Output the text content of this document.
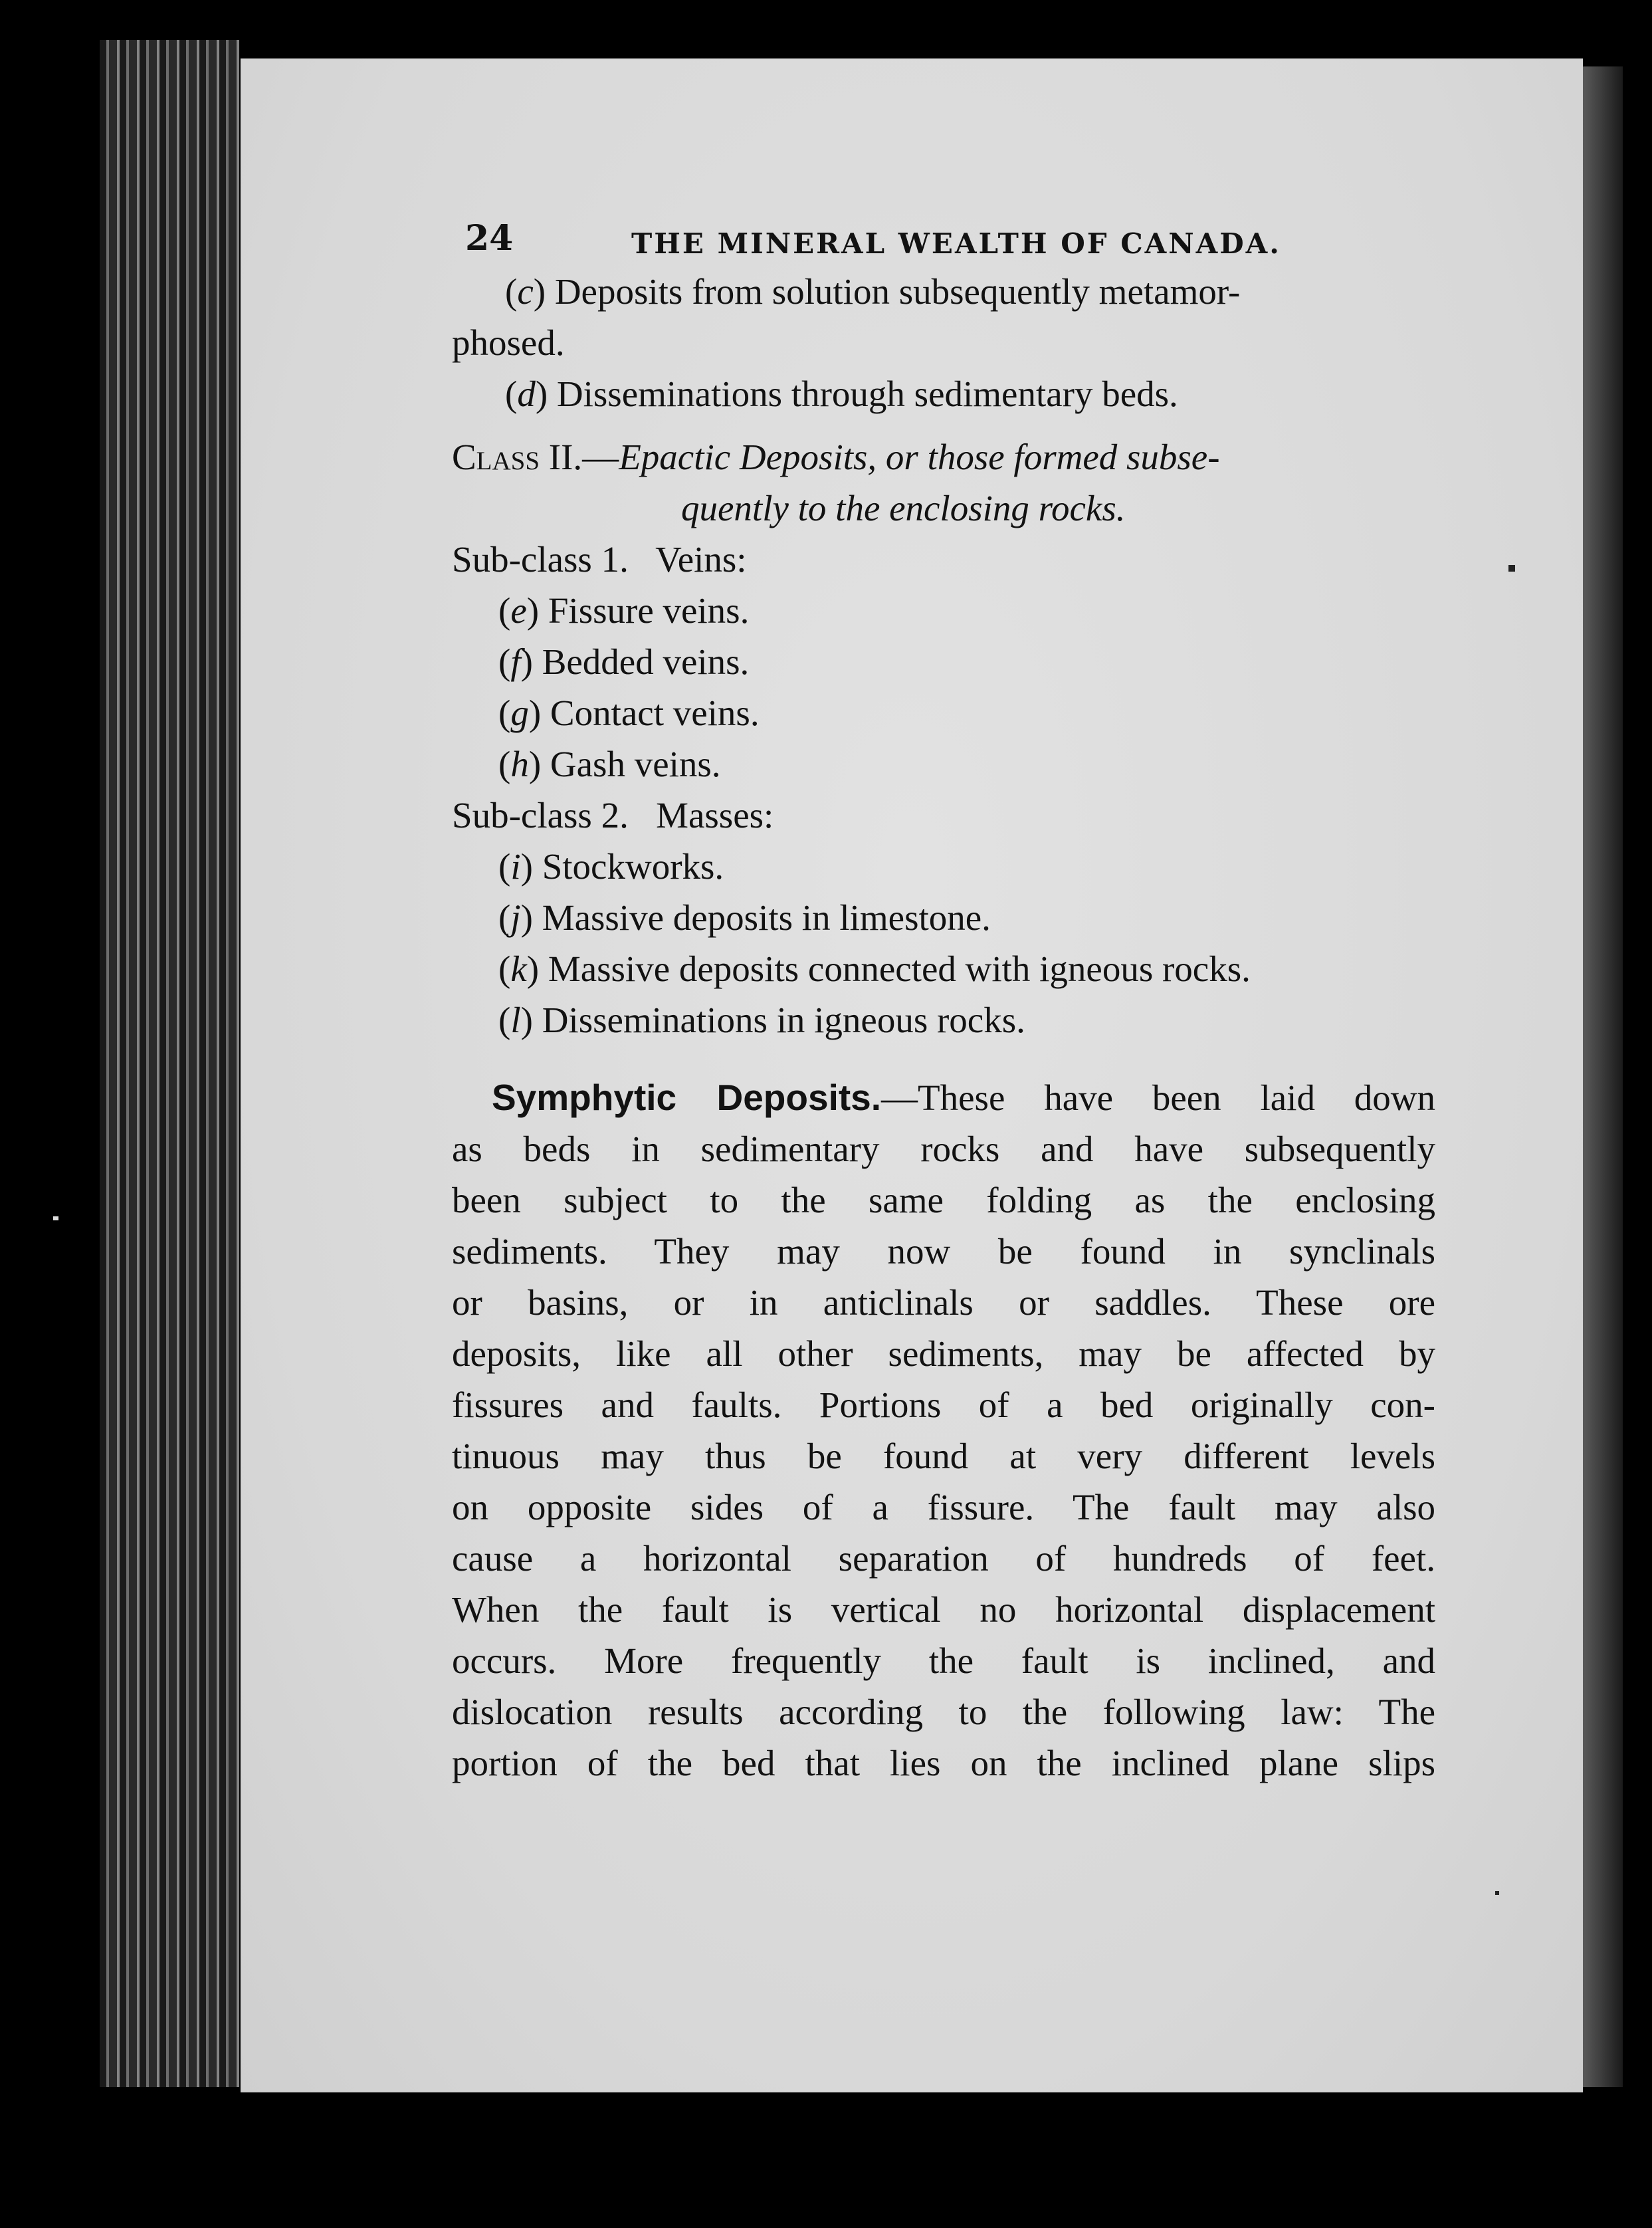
24	THE MINERAL WEALTH OF CANADA.
(c) Deposits from solution subsequently metamor-
phosed.
(d) Disseminations through sedimentary beds.
Class II.—Epactic Deposits, or those formed subse-
quently to the enclosing rocks.
Sub-class 1.   Veins:
(e) Fissure veins.
(f) Bedded veins.
(g) Contact veins.
(h) Gash veins.
Sub-class 2.   Masses:
(i) Stockworks.
(j) Massive deposits in limestone.
(k) Massive deposits connected with igneous rocks.
(l) Disseminations in igneous rocks.
Symphytic Deposits.—These have been laid down
as beds in sedimentary rocks and have subsequently
been subject to the same folding as the enclosing
sediments. They may now be found in synclinals
or basins, or in anticlinals or saddles. These ore
deposits, like all other sediments, may be affected by
fissures and faults. Portions of a bed originally con-
tinuous may thus be found at very different levels
on opposite sides of a fissure. The fault may also
cause a horizontal separation of hundreds of feet.
When the fault is vertical no horizontal displacement
occurs. More frequently the fault is inclined, and
dislocation results according to the following law: The
portion of the bed that lies on the inclined plane slips
